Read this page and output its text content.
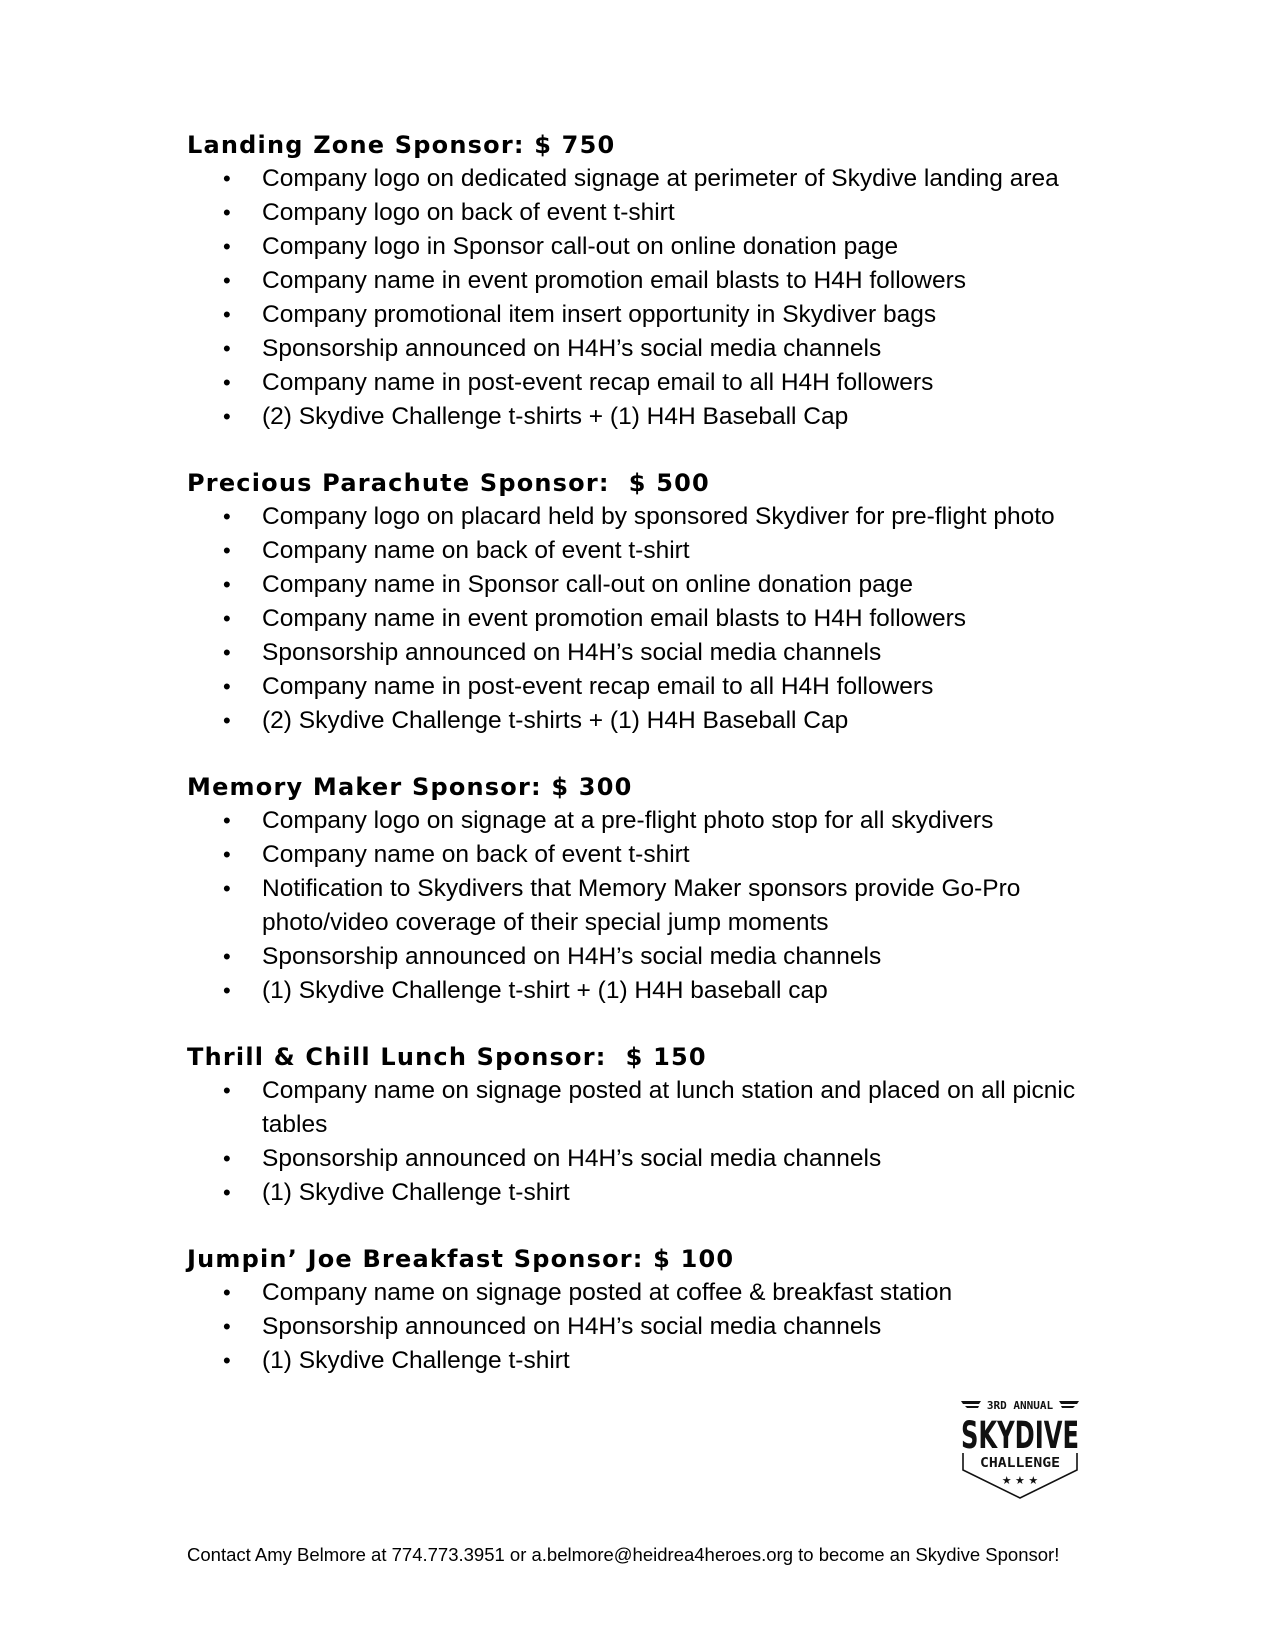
Landing Zone Sponsor: $ 750
• Company logo on dedicated signage at perimeter of Skydive landing area
• Company logo on back of event t-shirt
• Company logo in Sponsor call-out on online donation page
• Company name in event promotion email blasts to H4H followers
• Company promotional item insert opportunity in Skydiver bags
• Sponsorship announced on H4H’s social media channels
• Company name in post-event recap email to all H4H followers
• (2) Skydive Challenge t-shirts + (1) H4H Baseball Cap
Precious Parachute Sponsor:  $ 500
• Company logo on placard held by sponsored Skydiver for pre-flight photo
• Company name on back of event t-shirt
• Company name in Sponsor call-out on online donation page
• Company name in event promotion email blasts to H4H followers
• Sponsorship announced on H4H’s social media channels
• Company name in post-event recap email to all H4H followers
• (2) Skydive Challenge t-shirts + (1) H4H Baseball Cap
Memory Maker Sponsor: $ 300
• Company logo on signage at a pre-flight photo stop for all skydivers
• Company name on back of event t-shirt
• Notification to Skydivers that Memory Maker sponsors provide Go-Pro photo/video coverage of their special jump moments
• Sponsorship announced on H4H’s social media channels
• (1) Skydive Challenge t-shirt + (1) H4H baseball cap
Thrill & Chill Lunch Sponsor:  $ 150
• Company name on signage posted at lunch station and placed on all picnic tables
• Sponsorship announced on H4H’s social media channels
• (1) Skydive Challenge t-shirt
Jumpin’ Joe Breakfast Sponsor: $ 100
• Company name on signage posted at coffee & breakfast station
• Sponsorship announced on H4H’s social media channels
• (1) Skydive Challenge t-shirt
3RD ANNUAL
SKYDIVE
CHALLENGE
★ ★ ★
Contact Amy Belmore at 774.773.3951 or a.belmore@heidrea4heroes.org to become an Skydive Sponsor!
